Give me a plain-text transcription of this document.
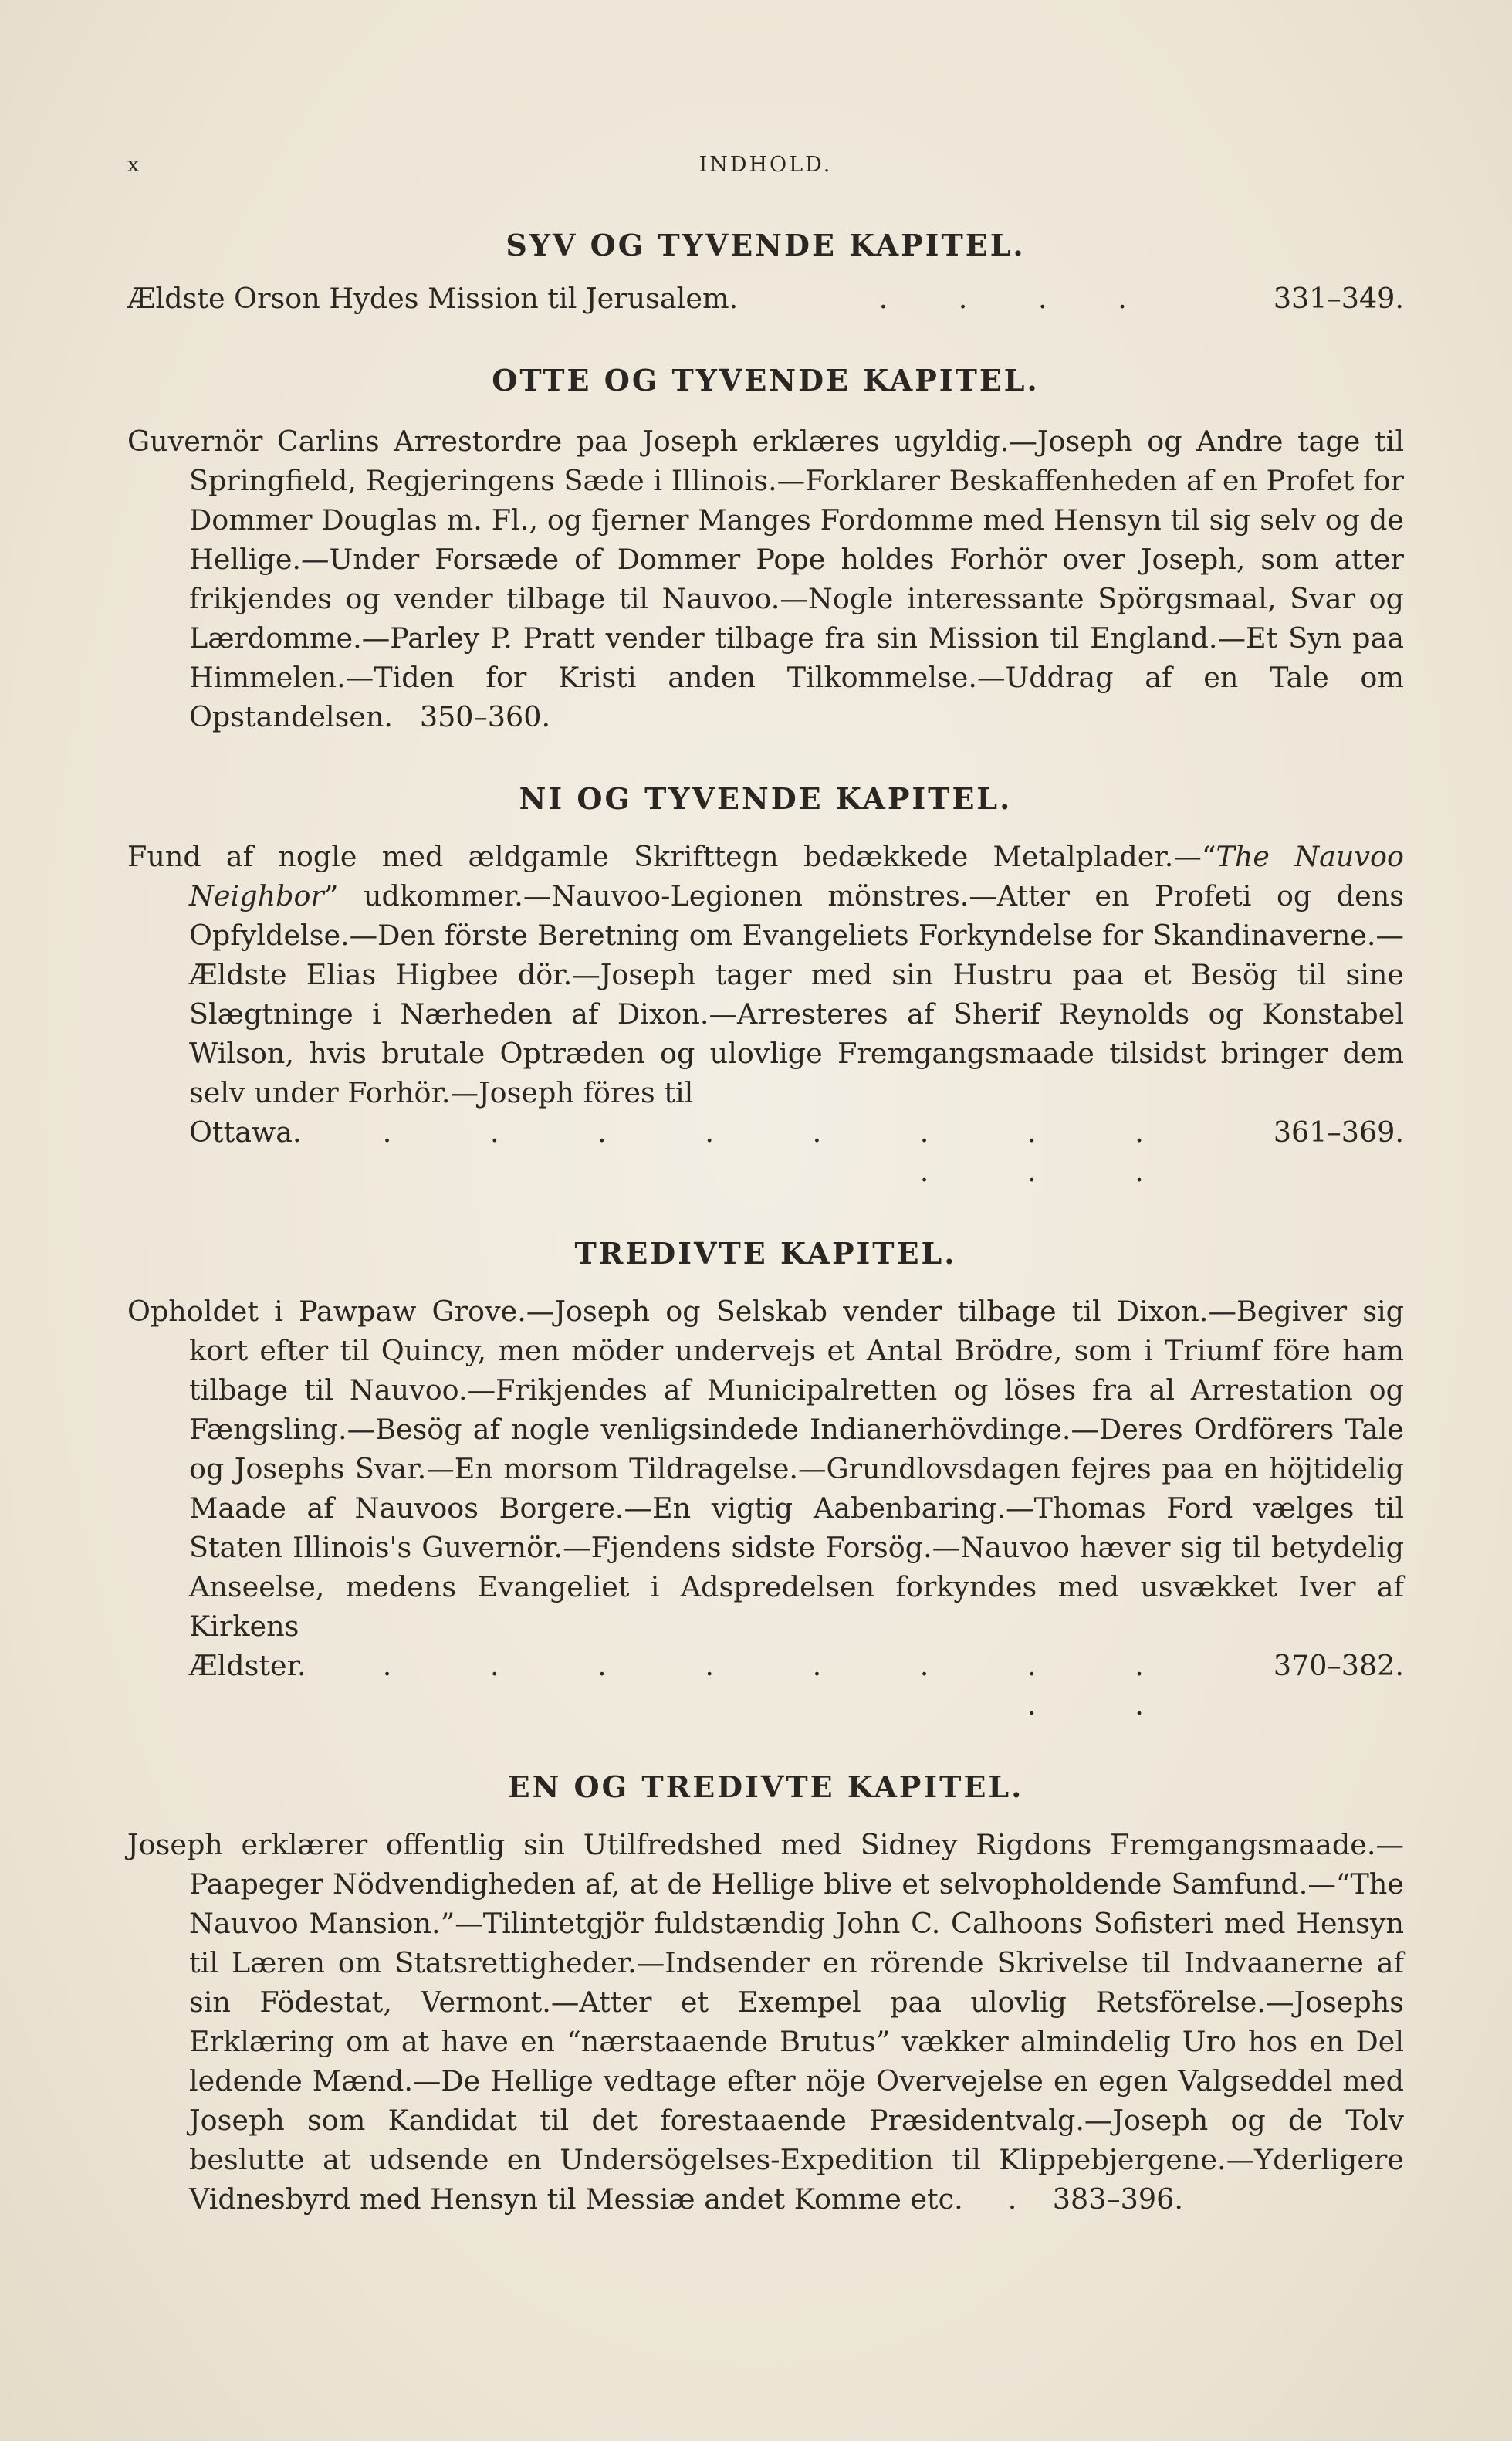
x	INDHOLD.
SYV OG TYVENDE KAPITEL.
Ældste Orson Hydes Mission til Jerusalem.	. . . .	331–349.
OTTE OG TYVENDE KAPITEL.

Guvernör Carlins Arrestordre paa Joseph erklæres ugyldig.—Joseph og Andre tage til Springfield, Regjeringens Sæde i Illinois.—Forklarer Beskaffenheden af en Profet for Dommer Douglas m. Fl., og fjerner Manges Fordomme med Hensyn til sig selv og de Hellige.—Under Forsæde of Dommer Pope holdes Forhör over Joseph, som atter frikjendes og vender tilbage til Nauvoo.—Nogle interessante Spörgsmaal, Svar og Lærdomme.—Parley P. Pratt vender tilbage fra sin Mission til England.—Et Syn paa Himmelen.—Tiden for Kristi anden Tilkommelse.—Uddrag af en Tale om Opstandelsen. 350–360.

NI OG TYVENDE KAPITEL.

Fund af nogle med ældgamle Skrifttegn bedækkede Metalplader.—“The Nauvoo Neighbor” udkommer.—Nauvoo-Legionen mönstres.—Atter en Profeti og dens Opfyldelse.—Den förste Beretning om Evangeliets Forkyndelse for Skandinaverne.—Ældste Elias Higbee dör.—Joseph tager med sin Hustru paa et Besög til sine Slægtninge i Nærheden af Dixon.—Arresteres af Sherif Reynolds og Konstabel Wilson, hvis brutale Optræden og ulovlige Fremgangsmaade tilsidst bringer dem selv under Forhör.—Joseph föres til

Ottawa.	. . . . . . . . . . .
361–369.
TREDIVTE KAPITEL.

Opholdet i Pawpaw Grove.—Joseph og Selskab vender tilbage til Dixon.—Begiver sig kort efter til Quincy, men möder undervejs et Antal Brödre, som i Triumf före ham tilbage til Nauvoo.—Frikjendes af Municipalretten og löses fra al Arrestation og Fængsling.—Besög af nogle venligsindede Indianerhövdinge.—Deres Ordförers Tale og Josephs Svar.—En morsom Tildragelse.—Grundlovsdagen fejres paa en höjtidelig Maade af Nauvoos Borgere.—En vigtig Aabenbaring.—Thomas Ford vælges til Staten Illinois's Guvernör.—Fjendens sidste Forsög.—Nauvoo hæver sig til betydelig Anseelse, medens Evangeliet i Adspredelsen forkyndes med usvækket Iver af Kirkens

Ældster.	. . . . . . . . . .
370–382.
EN OG TREDIVTE KAPITEL.

Joseph erklærer offentlig sin Utilfredshed med Sidney Rigdons Fremgangsmaade.—Paapeger Nödvendigheden af, at de Hellige blive et selvopholdende Samfund.—“The Nauvoo Mansion.”—Tilintetgjör fuldstændig John C. Calhoons Sofisteri med Hensyn til Læren om Statsrettigheder.—Indsender en rörende Skrivelse til Indvaanerne af sin Födestat, Vermont.—Atter et Exempel paa ulovlig Retsförelse.—Josephs Erklæring om at have en “nærstaaende Brutus” vækker almindelig Uro hos en Del ledende Mænd.—De Hellige vedtage efter nöje Overvejelse en egen Valgseddel med Joseph som Kandidat til det forestaaende Præsidentvalg.—Joseph og de Tolv beslutte at udsende en Undersögelses-Expedition til Klippebjergene.—Yderligere Vidnesbyrd med Hensyn til Messiæ andet Komme etc. . 383–396.
